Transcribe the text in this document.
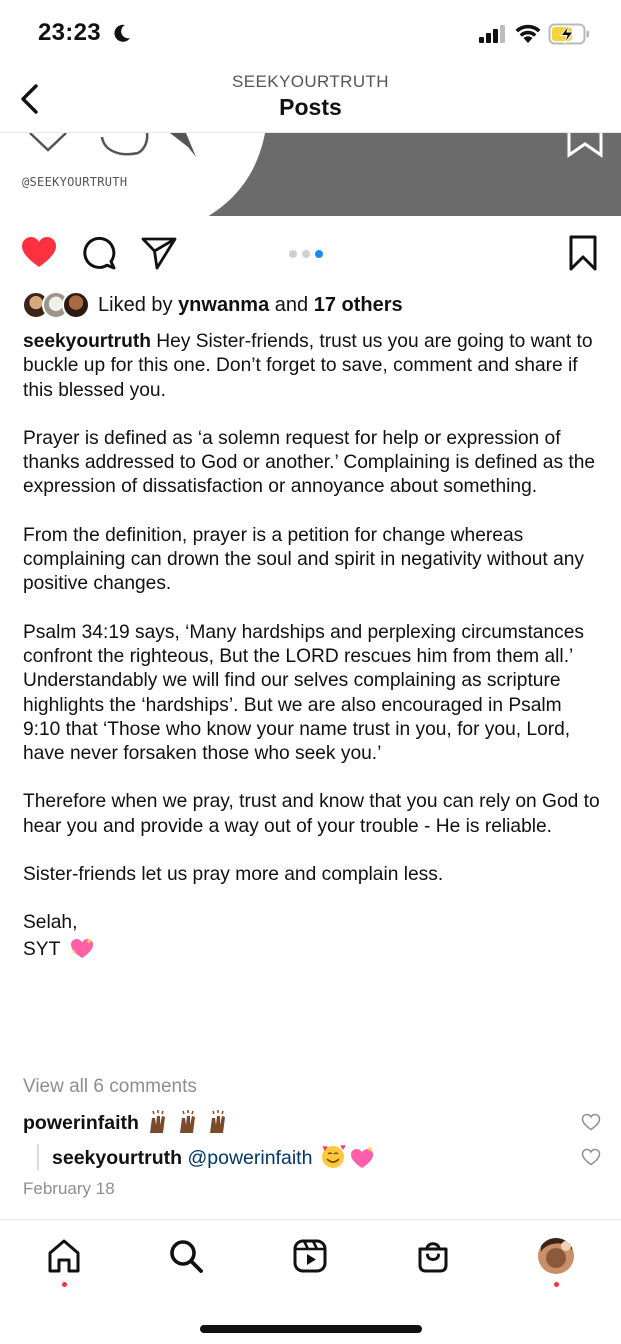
23:23
SEEKYOURTRUTH
Posts
@SEEKYOURTRUTH
Liked by ynwanma and 17 others

seekyourtruth Hey Sister-friends, trust us you are going to want to buckle up for this one. Don’t forget to save, comment and share if this blessed you.

Prayer is defined as ‘a solemn request for help or expression of thanks addressed to God or another.’ Complaining is defined as the expression of dissatisfaction or annoyance about something.

From the definition, prayer is a petition for change whereas complaining can drown the soul and spirit in negativity without any positive changes.

Psalm 34:19 says, ‘Many hardships and perplexing circumstances confront the righteous, But the LORD rescues him from them all.’ Understandably we will find our selves complaining as scripture highlights the ‘hardships’. But we are also encouraged in Psalm 9:10 that ‘Those who know your name trust in you, for you, Lord, have never forsaken those who seek you.’

Therefore when we pray, trust and know that you can rely on God to hear you and provide a way out of your trouble - He is reliable.

Sister-friends let us pray more and complain less.

Selah,
SYT

View all 6 comments
powerinfaith
seekyourtruth @powerinfaith
February 18
